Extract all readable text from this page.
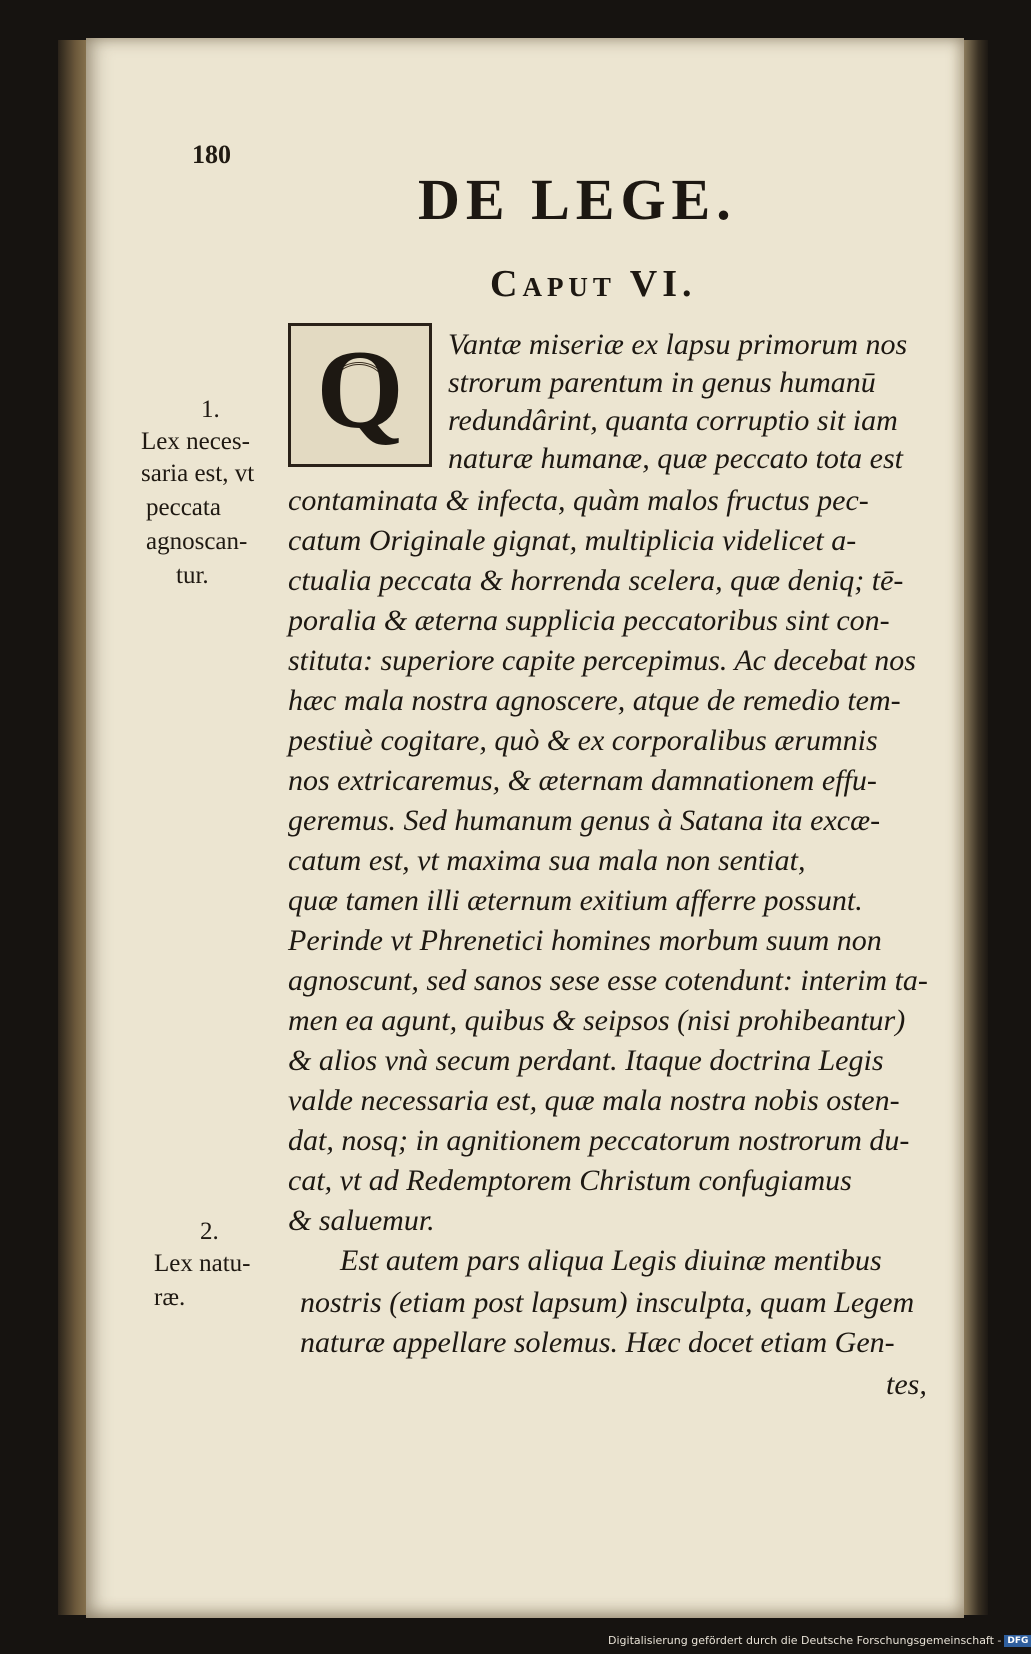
180
DE LEGE.
Caput VI.
Q	Vantæ miseriæ ex lapsu primorum nos
strorum parentum in genus humanū
redundârint, quanta corruptio sit iam
naturæ humanæ, quæ peccato tota est
contaminata & infecta, quàm malos fructus pec-
catum Originale gignat, multiplicia videlicet a-
ctualia peccata & horrenda scelera, quæ deniq; tē-
poralia & æterna supplicia peccatoribus sint con-
stituta: superiore capite percepimus. Ac decebat nos
hæc mala nostra agnoscere, atque de remedio tem-
pestiuè cogitare, quò & ex corporalibus ærumnis
nos extricaremus, & æternam damnationem effu-
geremus. Sed humanum genus à Satana ita excæ-
catum est, vt maxima sua mala non sentiat,
quæ tamen illi æternum exitium afferre possunt.
Perinde vt Phrenetici homines morbum suum non
agnoscunt, sed sanos sese esse cotendunt: interim ta-
men ea agunt, quibus & seipsos (nisi prohibeantur)
& alios vnà secum perdant. Itaque doctrina Legis
valde necessaria est, quæ mala nostra nobis osten-
dat, nosq; in agnitionem peccatorum nostrorum du-
cat, vt ad Redemptorem Christum confugiamus
& saluemur.
Est autem pars aliqua Legis diuinæ mentibus
nostris (etiam post lapsum) insculpta, quam Legem
naturæ appellare solemus. Hæc docet etiam Gen-
tes,
1.
Lex neces-
saria est, vt
peccata
agnoscan-
tur.
2.
Lex natu-
ræ.
Digitalisierung gefördert durch die Deutsche Forschungsgemeinschaft - DFG
